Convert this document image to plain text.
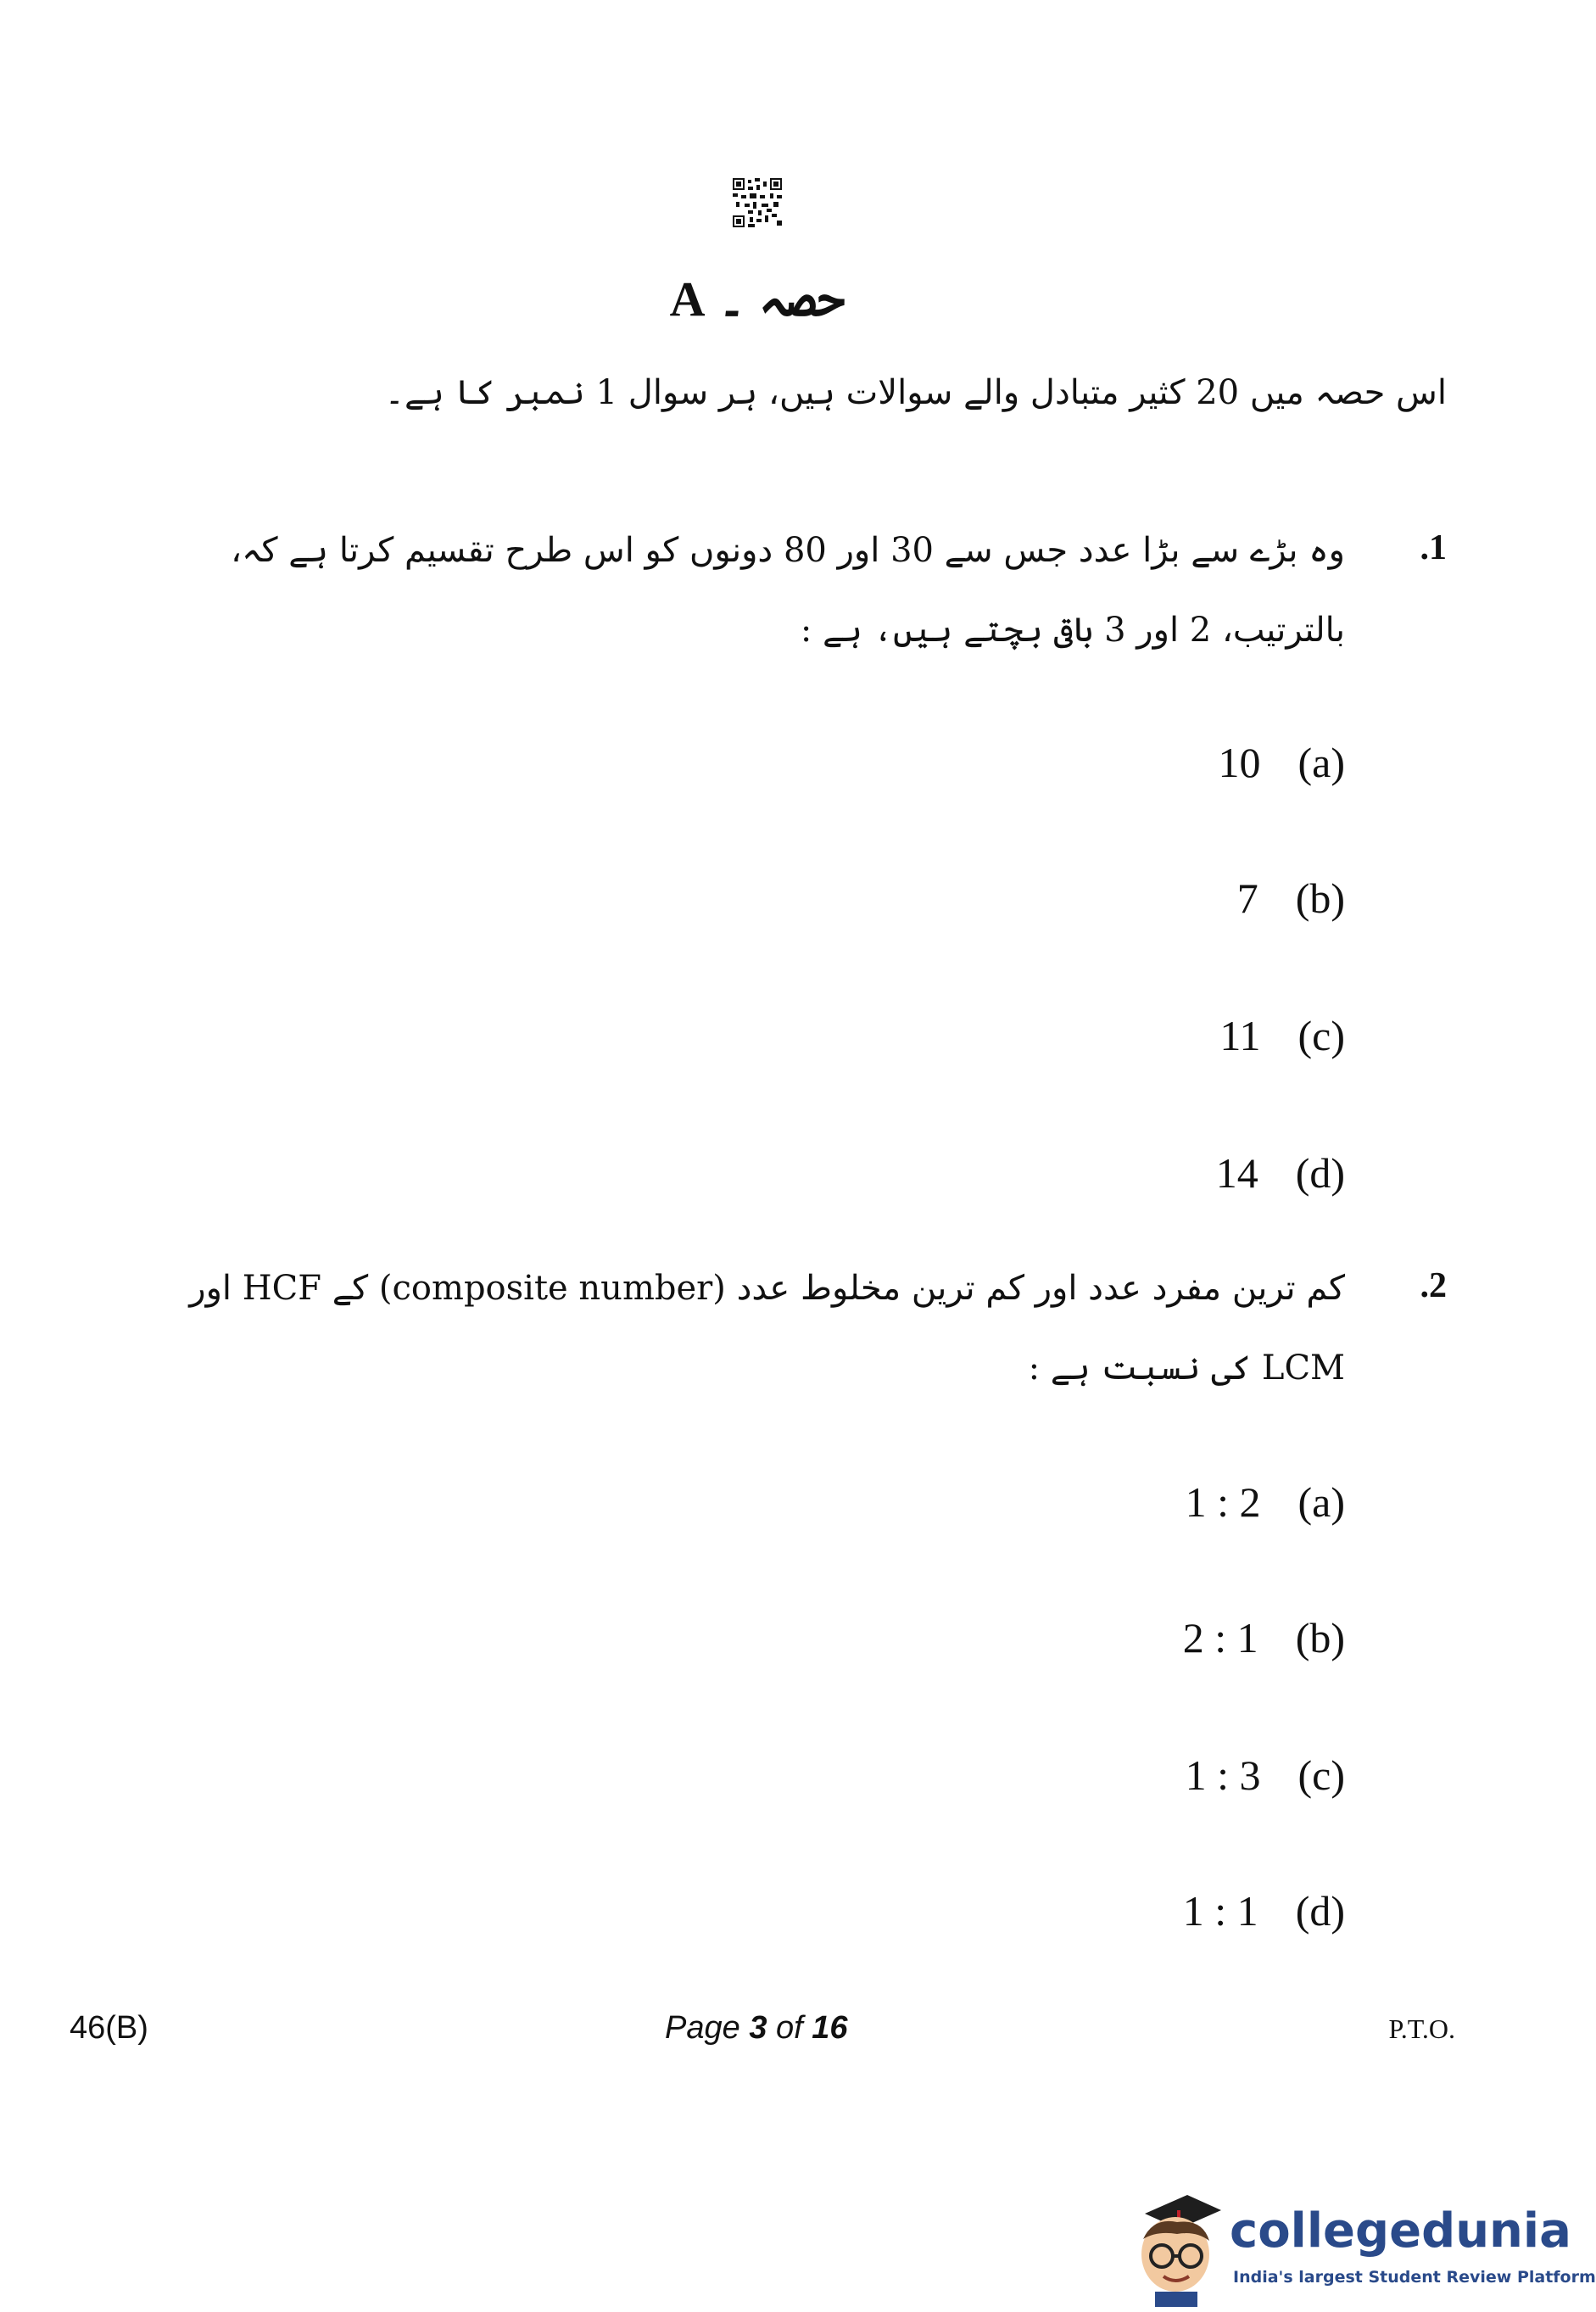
حصہ ۔ A
اس حصہ میں 20 کثیر متبادل والے سوالات ہیں، ہر سوال 1 نمبر کا ہے۔
.1
وہ بڑے سے بڑا عدد جس سے 30 اور 80 دونوں کو اس طرح تقسیم کرتا ہے کہ، بالترتیب، 2 اور 3 باقی بچتے ہیں، ہے :
10 (a)
7 (b)
11 (c)
14 (d)
.2
کم ترین مفرد عدد اور کم ترین مخلوط عدد (composite number) کے HCF اور LCM کی نسبت ہے :
1 : 2 (a)
2 : 1 (b)
1 : 3 (c)
1 : 1 (d)
46(B)	Page 3 of 16	P.T.O.
collegedunia
India's largest Student Review Platform
